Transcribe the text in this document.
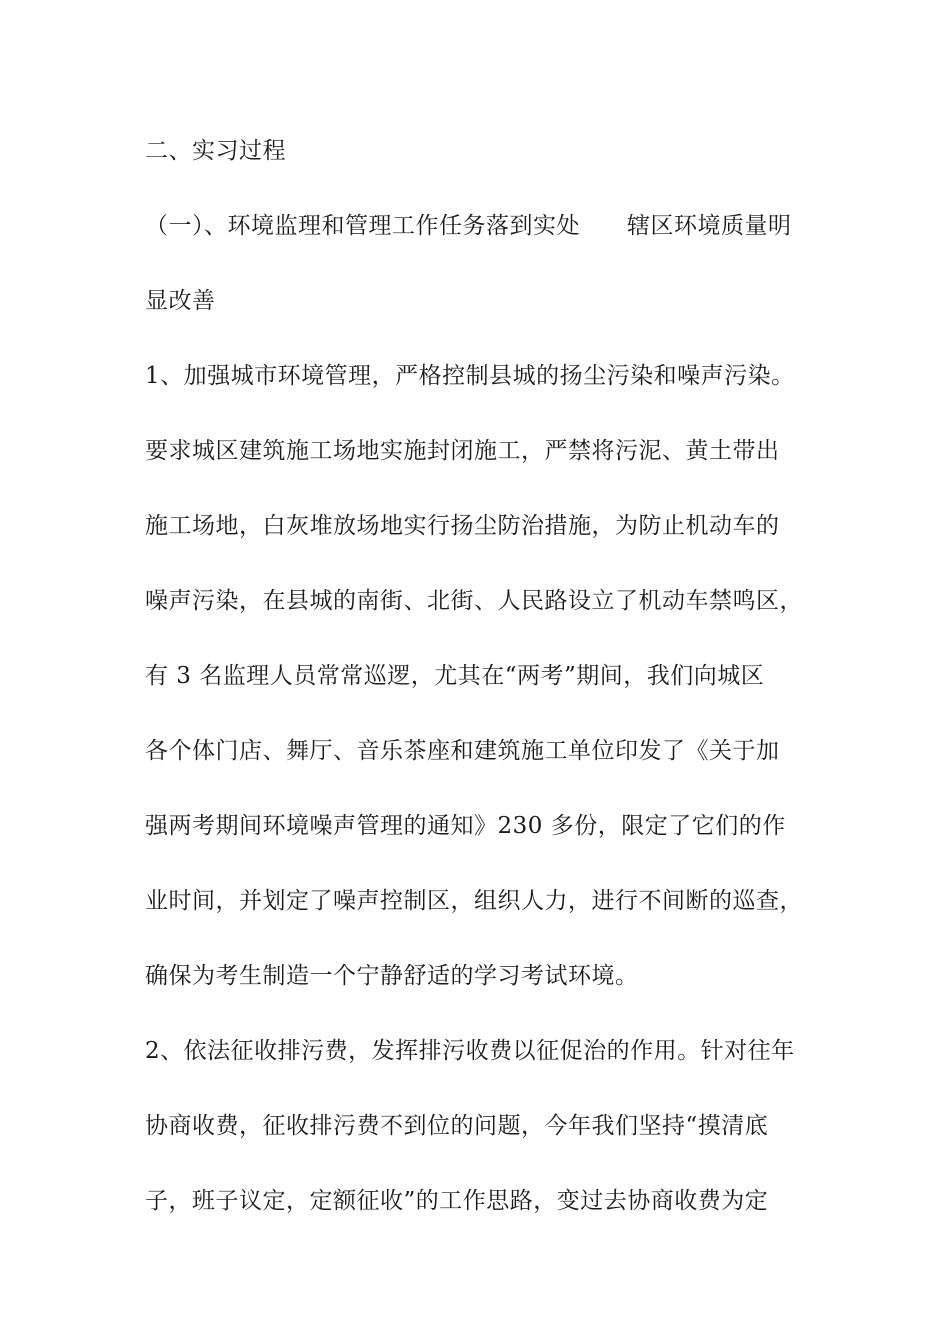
二、实习过程
（一）、环境监理和管理工作任务落到实处　　辖区环境质量明
显改善
1、加强城市环境管理，严格控制县城的扬尘污染和噪声污染。
要求城区建筑施工场地实施封闭施工，严禁将污泥、黄土带出
施工场地，白灰堆放场地实行扬尘防治措施，为防止机动车的
噪声污染，在县城的南街、北街、人民路设立了机动车禁鸣区，
有 3 名监理人员常常巡逻，尤其在“两考”期间，我们向城区
各个体门店、舞厅、音乐茶座和建筑施工单位印发了《关于加
强两考期间环境噪声管理的通知》230 多份，限定了它们的作
业时间，并划定了噪声控制区，组织人力，进行不间断的巡查，
确保为考生制造一个宁静舒适的学习考试环境。
2、依法征收排污费，发挥排污收费以征促治的作用。针对往年
协商收费，征收排污费不到位的问题，今年我们坚持“摸清底
子，班子议定，定额征收”的工作思路，变过去协商收费为定
